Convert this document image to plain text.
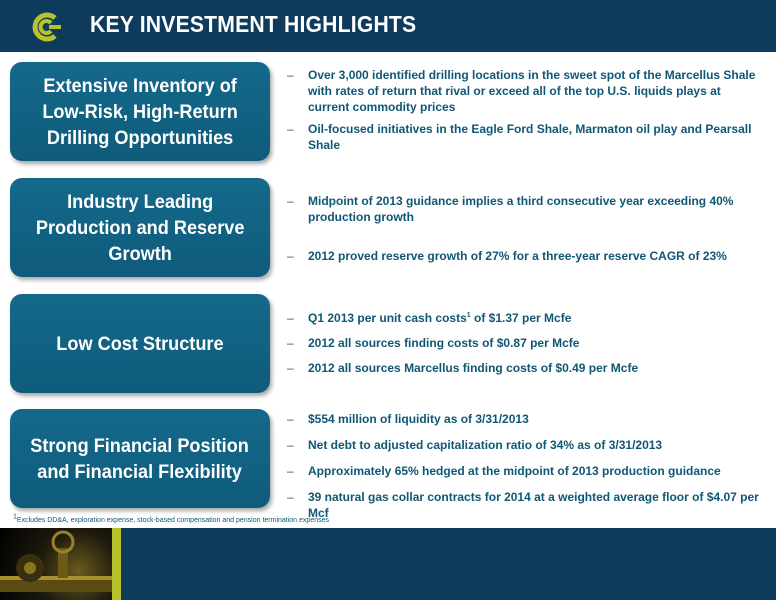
KEY INVESTMENT HIGHLIGHTS
Extensive Inventory of
Low-Risk, High-Return
Drilling Opportunities
– Over 3,000 identified drilling locations in the sweet spot of the Marcellus Shale with rates of return that rival or exceed all of the top U.S. liquids plays at current commodity prices
– Oil-focused initiatives in the Eagle Ford Shale, Marmaton oil play and Pearsall Shale
Industry Leading
Production and Reserve
Growth
– Midpoint of 2013 guidance implies a third consecutive year exceeding 40% production growth
– 2012 proved reserve growth of 27% for a three-year reserve CAGR of 23%
Low Cost Structure
– Q1 2013 per unit cash costs$^1$ of $1.37 per Mcfe
– 2012 all sources finding costs of $0.87 per Mcfe
– 2012 all sources Marcellus finding costs of $0.49 per Mcfe
Strong Financial Position
and Financial Flexibility
– $554 million of liquidity as of 3/31/2013
– Net debt to adjusted capitalization ratio of 34% as of 3/31/2013
– Approximately 65% hedged at the midpoint of 2013 production guidance
– 39 natural gas collar contracts for 2014 at a weighted average floor of $4.07 per Mcf
$^1$Excludes DD&A, exploration expense, stock-based compensation and pension termination expenses
